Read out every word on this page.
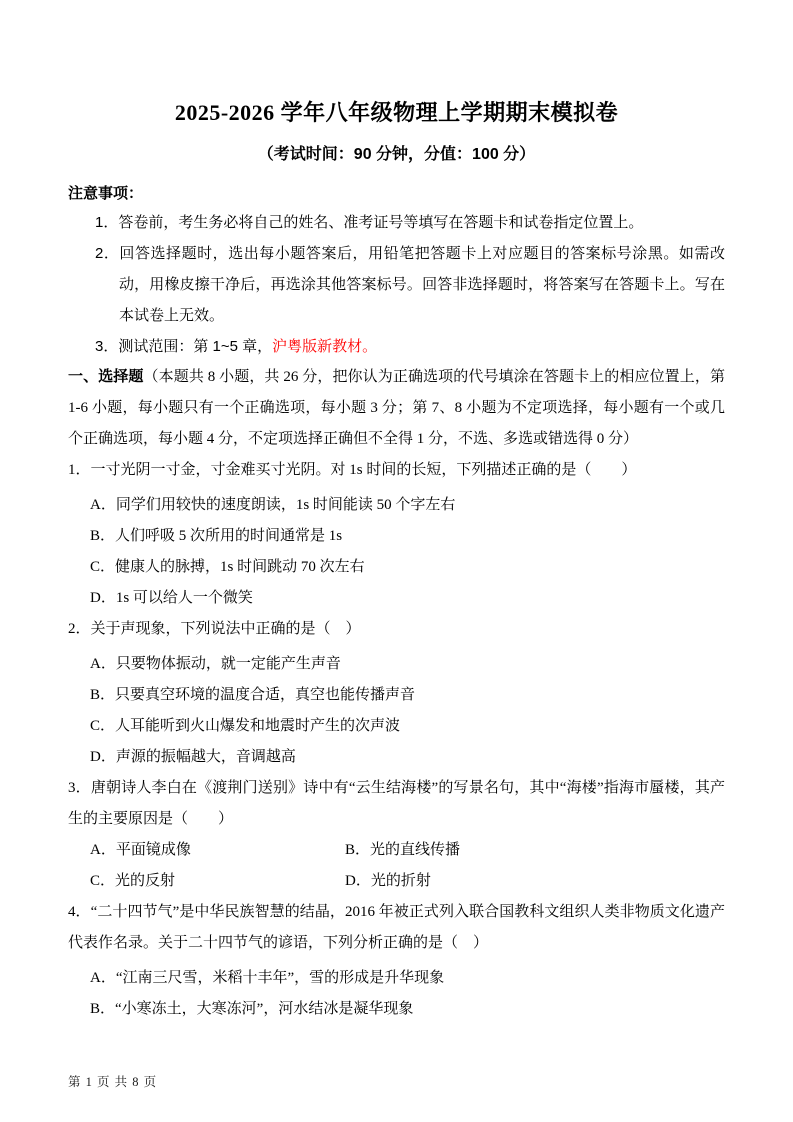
2025-2026 学年八年级物理上学期期末模拟卷
（考试时间：90 分钟，分值：100 分）
注意事项：
1．答卷前，考生务必将自己的姓名、准考证号等填写在答题卡和试卷指定位置上。
2．回答选择题时，选出每小题答案后，用铅笔把答题卡上对应题目的答案标号涂黑。如需改动，用橡皮擦干净后，再选涂其他答案标号。回答非选择题时，将答案写在答题卡上。写在本试卷上无效。
3．测试范围：第 1~5 章，沪粤版新教材。
一、选择题（本题共 8 小题，共 26 分，把你认为正确选项的代号填涂在答题卡上的相应位置上，第 1-6 小题，每小题只有一个正确选项，每小题 3 分；第 7、8 小题为不定项选择，每小题有一个或几个正确选项，每小题 4 分，不定项选择正确但不全得 1 分，不选、多选或错选得 0 分）
1．一寸光阴一寸金，寸金难买寸光阴。对 1s 时间的长短，下列描述正确的是（　　）
A．同学们用较快的速度朗读，1s 时间能读 50 个字左右
B．人们呼吸 5 次所用的时间通常是 1s
C．健康人的脉搏，1s 时间跳动 70 次左右
D．1s 可以给人一个微笑
2．关于声现象，下列说法中正确的是（　）
A．只要物体振动，就一定能产生声音
B．只要真空环境的温度合适，真空也能传播声音
C．人耳能听到火山爆发和地震时产生的次声波
D．声源的振幅越大，音调越高
3．唐朝诗人李白在《渡荆门送别》诗中有“云生结海楼”的写景名句，其中“海楼”指海市蜃楼，其产生的主要原因是（　　）
A．平面镜成像	B．光的直线传播
C．光的反射	D．光的折射
4．“二十四节气”是中华民族智慧的结晶，2016 年被正式列入联合国教科文组织人类非物质文化遗产代表作名录。关于二十四节气的谚语，下列分析正确的是（　）
A．“江南三尺雪，米稻十丰年”，雪的形成是升华现象
B．“小寒冻土，大寒冻河”，河水结冰是凝华现象
第 1 页 共 8 页
